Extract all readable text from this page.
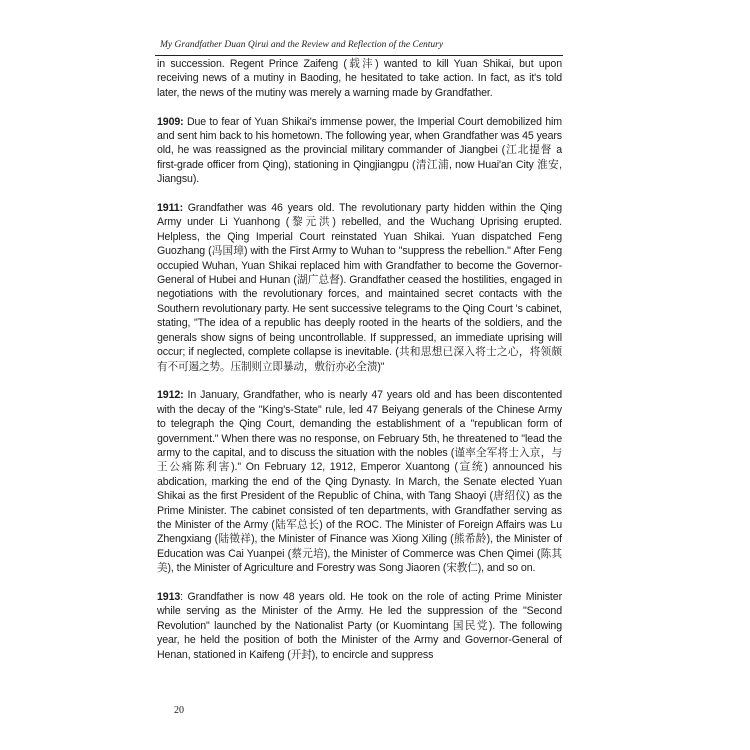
My Grandfather Duan Qirui and the Review and Reflection of the Century

in succession. Regent Prince Zaifeng (载沣) wanted to kill Yuan Shikai, but upon receiving news of a mutiny in Baoding, he hesitated to take action. In fact, as it's told later, the news of the mutiny was merely a warning made by Grandfather.

1909: Due to fear of Yuan Shikai's immense power, the Imperial Court demobilized him and sent him back to his hometown. The following year, when Grandfather was 45 years old, he was reassigned as the provincial military commander of Jiangbei (江北提督 a first-grade officer from Qing), stationing in Qingjiangpu (清江浦, now Huai'an City 淮安, Jiangsu).

1911: Grandfather was 46 years old. The revolutionary party hidden within the Qing Army under Li Yuanhong (黎元洪) rebelled, and the Wuchang Uprising erupted. Helpless, the Qing Imperial Court reinstated Yuan Shikai. Yuan dispatched Feng Guozhang (冯国璋) with the First Army to Wuhan to "suppress the rebellion." After Feng occupied Wuhan, Yuan Shikai replaced him with Grandfather to become the Governor-General of Hubei and Hunan (湖广总督). Grandfather ceased the hostilities, engaged in negotiations with the revolutionary forces, and maintained secret contacts with the Southern revolutionary party. He sent successive telegrams to the Qing Court 's cabinet, stating, "The idea of a republic has deeply rooted in the hearts of the soldiers, and the generals show signs of being uncontrollable. If suppressed, an immediate uprising will occur; if neglected, complete collapse is inevitable. (共和思想已深入将士之心，将领颇有不可遏之势。压制则立即暴动，敷衍亦必全溃)"

1912: In January, Grandfather, who is nearly 47 years old and has been discontented with the decay of the "King's-State" rule, led 47 Beiyang generals of the Chinese Army to telegraph the Qing Court, demanding the establishment of a "republican form of government." When there was no response, on February 5th, he threatened to "lead the army to the capital, and to discuss the situation with the nobles (谨率全军将士入京，与王公痛陈利害)." On February 12, 1912, Emperor Xuantong (宣统) announced his abdication, marking the end of the Qing Dynasty. In March, the Senate elected Yuan Shikai as the first President of the Republic of China, with Tang Shaoyi (唐绍仪) as the Prime Minister. The cabinet consisted of ten departments, with Grandfather serving as the Minister of the Army (陆军总长) of the ROC. The Minister of Foreign Affairs was Lu Zhengxiang (陆徵祥), the Minister of Finance was Xiong Xiling (熊希龄), the Minister of Education was Cai Yuanpei (蔡元培), the Minister of Commerce was Chen Qimei (陈其美), the Minister of Agriculture and Forestry was Song Jiaoren (宋教仁), and so on.

1913: Grandfather is now 48 years old. He took on the role of acting Prime Minister while serving as the Minister of the Army. He led the suppression of the "Second Revolution" launched by the Nationalist Party (or Kuomintang 国民党). The following year, he held the position of both the Minister of the Army and Governor-General of Henan, stationed in Kaifeng (开封), to encircle and suppress

20
